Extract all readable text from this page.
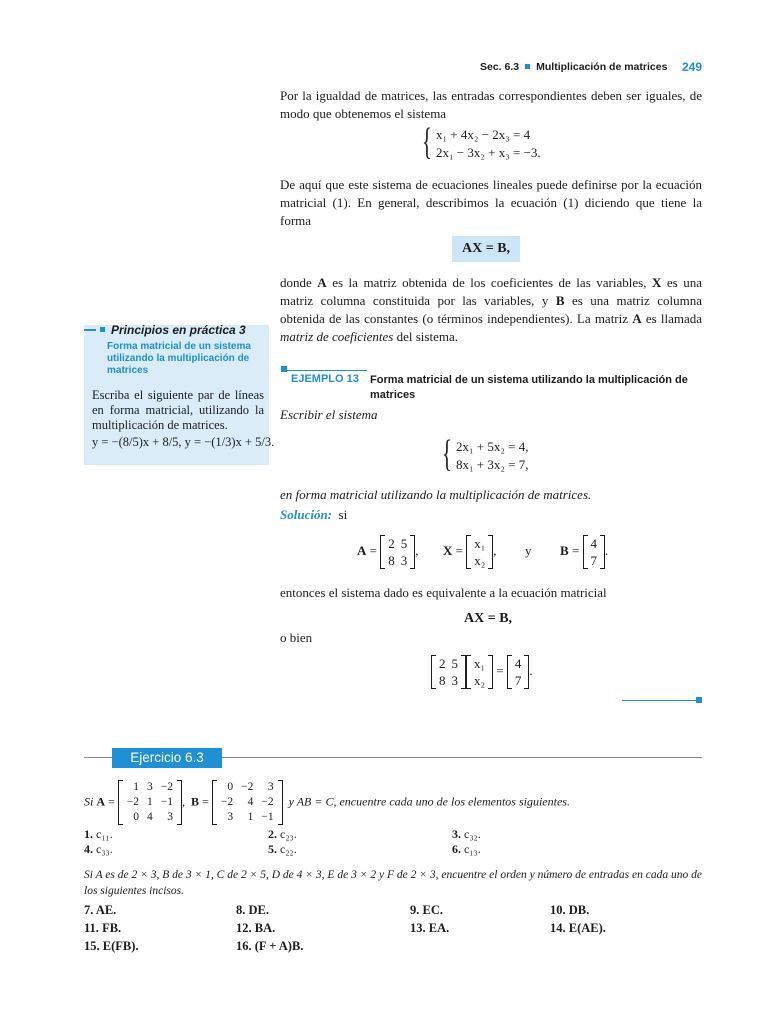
Sec. 6.3 Multiplicación de matrices 249
Por la igualdad de matrices, las entradas correspondientes deben ser iguales, de modo que obtenemos el sistema
{ x₁ + 4x₂ − 2x₃ = 4
2x₁ − 3x₂ + x₃ = −3.
De aquí que este sistema de ecuaciones lineales puede definirse por la ecuación matricial (1). En general, describimos la ecuación (1) diciendo que tiene la forma
AX = B,
donde A es la matriz obtenida de los coeficientes de las variables, X es una matriz columna constituida por las variables, y B es una matriz columna obtenida de las constantes (o términos independientes). La matriz A es llamada matriz de coeficientes del sistema.
Principios en práctica 3
Forma matricial de un sistema utilizando la multiplicación de matrices
Escriba el siguiente par de líneas en forma matricial, utilizando la multiplicación de matrices.
y = −(8/5)x + 8/5, y = −(1/3)x + 5/3.
EJEMPLO 13 Forma matricial de un sistema utilizando la multiplicación de matrices
Escribir el sistema
{ 2x₁ + 5x₂ = 4,
8x₁ + 3x₂ = 7,
en forma matricial utilizando la multiplicación de matrices.
Solución: si
A = 2	5
8	3
,  X = x₁
x₂
,  y B = 4
7
.
entonces el sistema dado es equivalente a la ecuación matricial
AX = B,
o bien
2	5
8	3
x₁
x₂
= 4
7
.
Ejercicio 6.3
Si A =
1	3	−2
−2	1	−1
0	4	3
,  B =
0	−2	3
−2	4	−2
3	1	−1
y AB = C, encuentre cada uno de los elementos siguientes.
1. c₁₁.	2. c₂₃.	3. c₃₂.
4. c₃₃.	5. c₂₂.	6. c₁₃.
Si A es de 2 × 3, B de 3 × 1, C de 2 × 5, D de 4 × 3, E de 3 × 2 y F de 2 × 3, encuentre el orden y número de entradas en cada uno de los siguientes incisos.
7. AE.	8. DE.	9. EC.	10. DB.
11. FB.	12. BA.	13. EA.	14. E(AE).
15. E(FB).	16. (F + A)B.
